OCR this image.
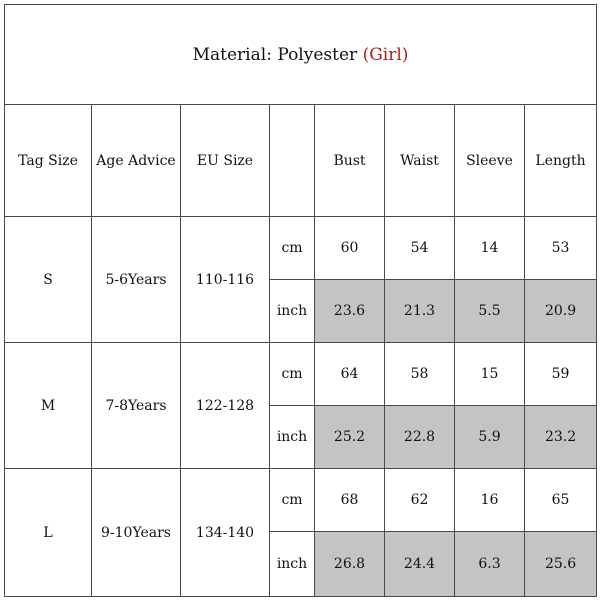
Material: Polyester (Girl)							
Tag Size	Age Advice	EU Size		Bust	Waist	Sleeve	Length
S	5-6Years	110-116	cm	60	54	14	53
			inch	23.6	21.3	5.5	20.9
M	7-8Years	122-128	cm	64	58	15	59
			inch	25.2	22.8	5.9	23.2
L	9-10Years	134-140	cm	68	62	16	65
			inch	26.8	24.4	6.3	25.6
